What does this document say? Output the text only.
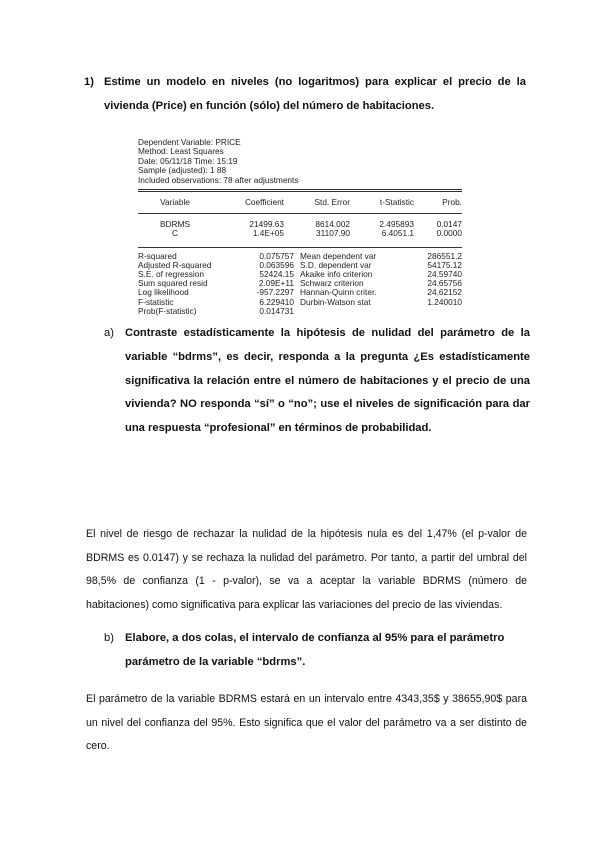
1) Estime un modelo en niveles (no logaritmos) para explicar el precio de la vivienda (Price) en función (sólo) del número de habitaciones.
Dependent Variable: PRICE
Method: Least Squares
Date: 05/11/18 Time: 15:19
Sample (adjusted): 1 88
Included observations: 78 after adjustments
Variable	Coefficient	Std. Error	t-Statistic	Prob.
BDRMS	21499.63	8614.002	2.495893	0.0147
C	1.4E+05	31107.90	6.4051.1	0.0000
R-squared	0.075757	Mean dependent var	286551.2
Adjusted R-squared	0.063596	S.D. dependent var	54175.12
S.E. of regression	52424.15	Akaike info criterion	24.59740
Sum squared resid	2.09E+11	Schwarz criterion	24.65756
Log likelihood	-957.2297	Hannan-Quinn criter.	24.62152
F-statistic	6.229410	Durbin-Watson stat	1.240010
Prob(F-statistic)	0.014731		
a) Contraste estadísticamente la hipótesis de nulidad del parámetro de la variable “bdrms”, es decir, responda a la pregunta ¿Es estadísticamente significativa la relación entre el número de habitaciones y el precio de una vivienda? NO responda “sí” o “no”; use el niveles de significación para dar una respuesta “profesional” en términos de probabilidad.
El nivel de riesgo de rechazar la nulidad de la hipótesis nula es del 1,47% (el p-valor de BDRMS es 0.0147) y se rechaza la nulidad del parámetro. Por tanto, a partir del umbral del 98,5% de confianza (1 - p-valor), se va a aceptar la variable BDRMS (número de habitaciones) como significativa para explicar las variaciones del precio de las viviendas.
b) Elabore, a dos colas, el intervalo de confianza al 95% para el parámetro parámetro de la variable “bdrms”.
El parámetro de la variable BDRMS estará en un intervalo entre 4343,35$ y 38655,90$ para un nivel del confianza del 95%. Esto significa que el valor del parámetro va a ser distinto de cero.
